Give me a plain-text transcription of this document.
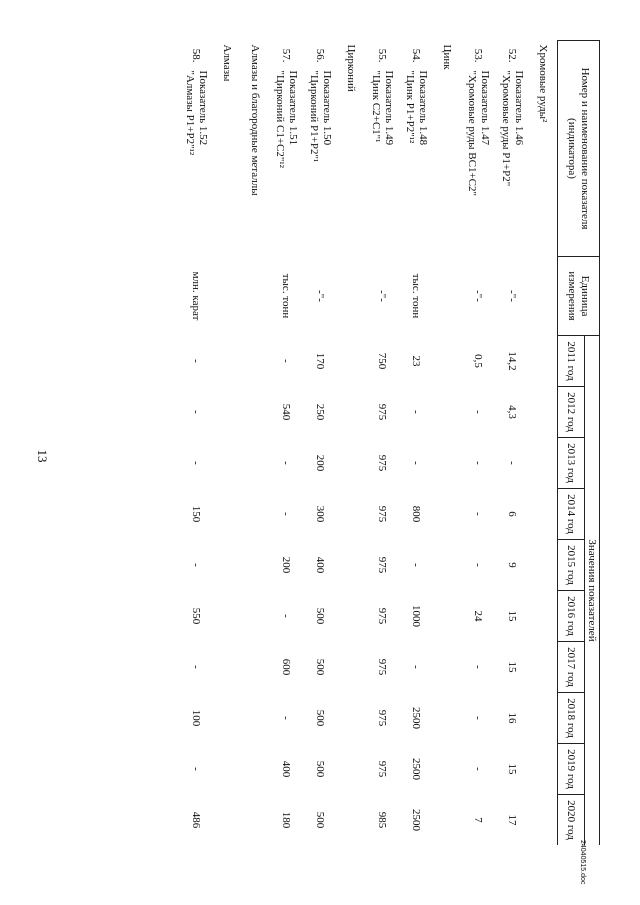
13
Номер и наименование показателя (индикатора)		Единица измерения	Значения показателей									
			2011 год	2012 год	2013 год	2014 год	2015 год	2016 год	2017 год	2018 год	2019 год	2020 год
Хромовые руды²												
52.	Показатель 1.46
"Хромовые руды P1+P2"	-"-	14,2	4,3	-	6	9	15	15	16	15	17
53.	Показатель 1.47
"Хромовые руды BC1+C2"	-"-	0,5	-	-	-	-	24	-	-	-	7
Цинк												
54.	Показатель 1.48
"Цинк P1+P2"¹²	тыс. тонн	23	-	-	800	-	1000	-	2500	2500	2500
55.	Показатель 1.49
"Цинк C2+C1"¹	-"-	750	975	975	975	975	975	975	975	975	985
Цирконий												
56.	Показатель 1.50
"Цирконий P1+P2"¹	-"-	170	250	200	300	400	500	500	500	500	500
57.	Показатель 1.51
"Цирконий C1+C2"¹²	тыс. тонн	-	540	-	-	200	-	600	-	400	180
Алмазы и благородные металлы												
Алмазы												
58.	Показатель 1.52
"Алмазы P1+P2"¹²	млн. карат	-	-	-	150	-	550	-	100	-	486
24040515.doc
